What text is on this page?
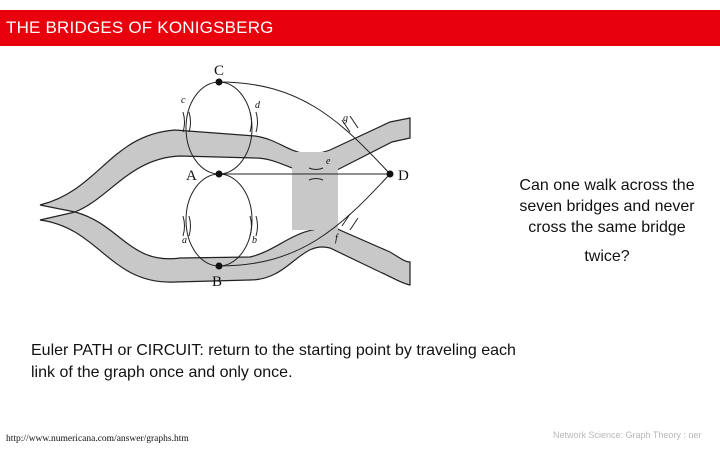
THE BRIDGES OF KONIGSBERG
C
A
B
D
a	b
c	d
e
f
g
Can one walk across the
seven bridges and never
cross the same bridge
twice?
Euler PATH or CIRCUIT: return to the starting point by traveling each
link of the graph once and only once.
http://www.numericana.com/answer/graphs.htm	Network Science: Graph Theory : ner
